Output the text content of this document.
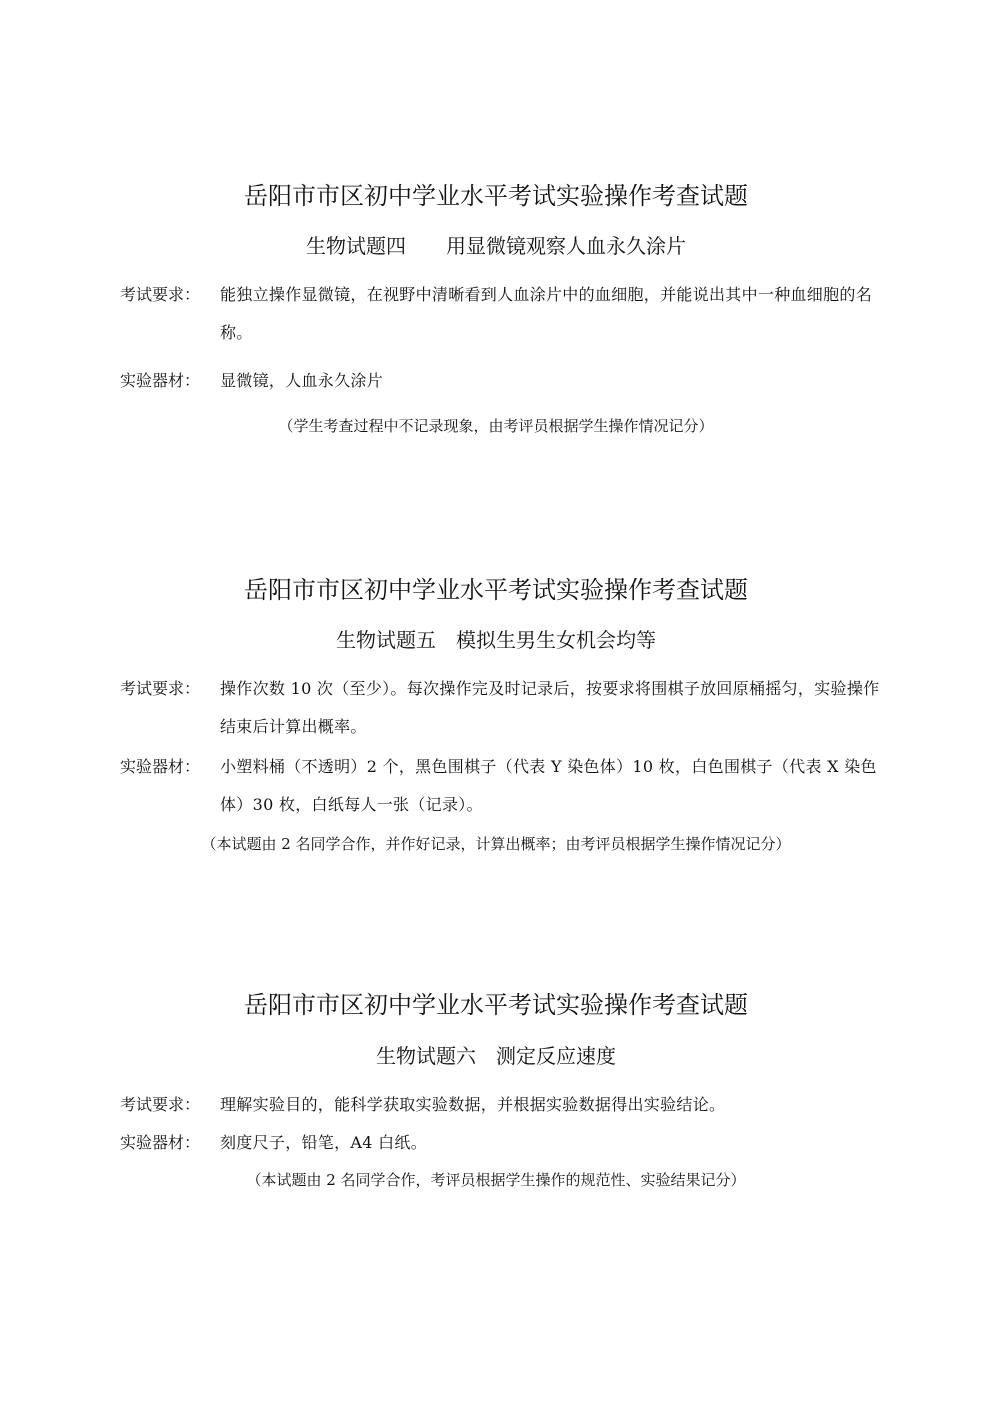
岳阳市市区初中学业水平考试实验操作考查试题
生物试题四　　用显微镜观察人血永久涂片
考试要求：	能独立操作显微镜，在视野中清晰看到人血涂片中的血细胞，并能说出其中一种血细胞的名称。
实验器材：	显微镜，人血永久涂片
（学生考查过程中不记录现象，由考评员根据学生操作情况记分）
岳阳市市区初中学业水平考试实验操作考查试题
生物试题五　模拟生男生女机会均等
考试要求：	操作次数 10 次（至少）。每次操作完及时记录后，按要求将围棋子放回原桶摇匀，实验操作结束后计算出概率。
实验器材：	小塑料桶（不透明）2 个，黑色围棋子（代表 Y 染色体）10 枚，白色围棋子（代表 X 染色体）30 枚，白纸每人一张（记录）。
（本试题由 2 名同学合作，并作好记录，计算出概率；由考评员根据学生操作情况记分）
岳阳市市区初中学业水平考试实验操作考查试题
生物试题六　测定反应速度
考试要求：	理解实验目的，能科学获取实验数据，并根据实验数据得出实验结论。
实验器材：	刻度尺子，铅笔，A4 白纸。
（本试题由 2 名同学合作，考评员根据学生操作的规范性、实验结果记分）
